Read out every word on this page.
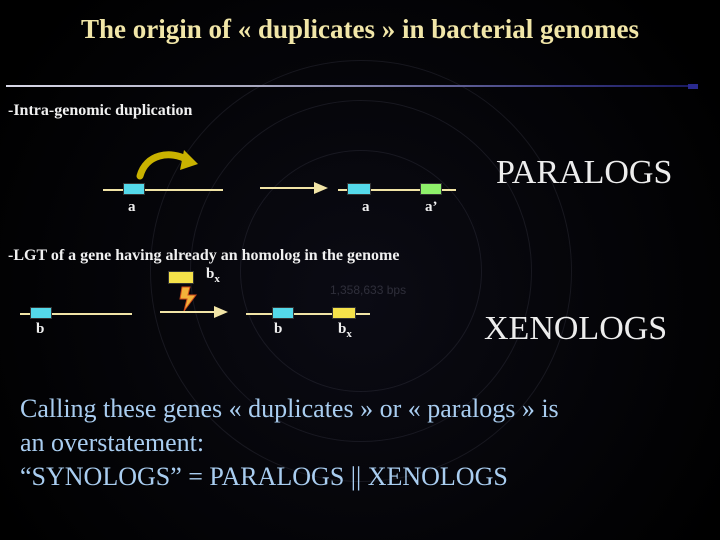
The origin of « duplicates » in bacterial genomes
-Intra-genomic duplication
a	a	a’
PARALOGS
-LGT of a gene having already an homolog in the genome
$b_x$
b	b	$b_x$	XENOLOGS
1,358,633 bps
Calling these genes « duplicates » or « paralogs » is
an overstatement:
“SYNOLOGS” = PARALOGS || XENOLOGS
